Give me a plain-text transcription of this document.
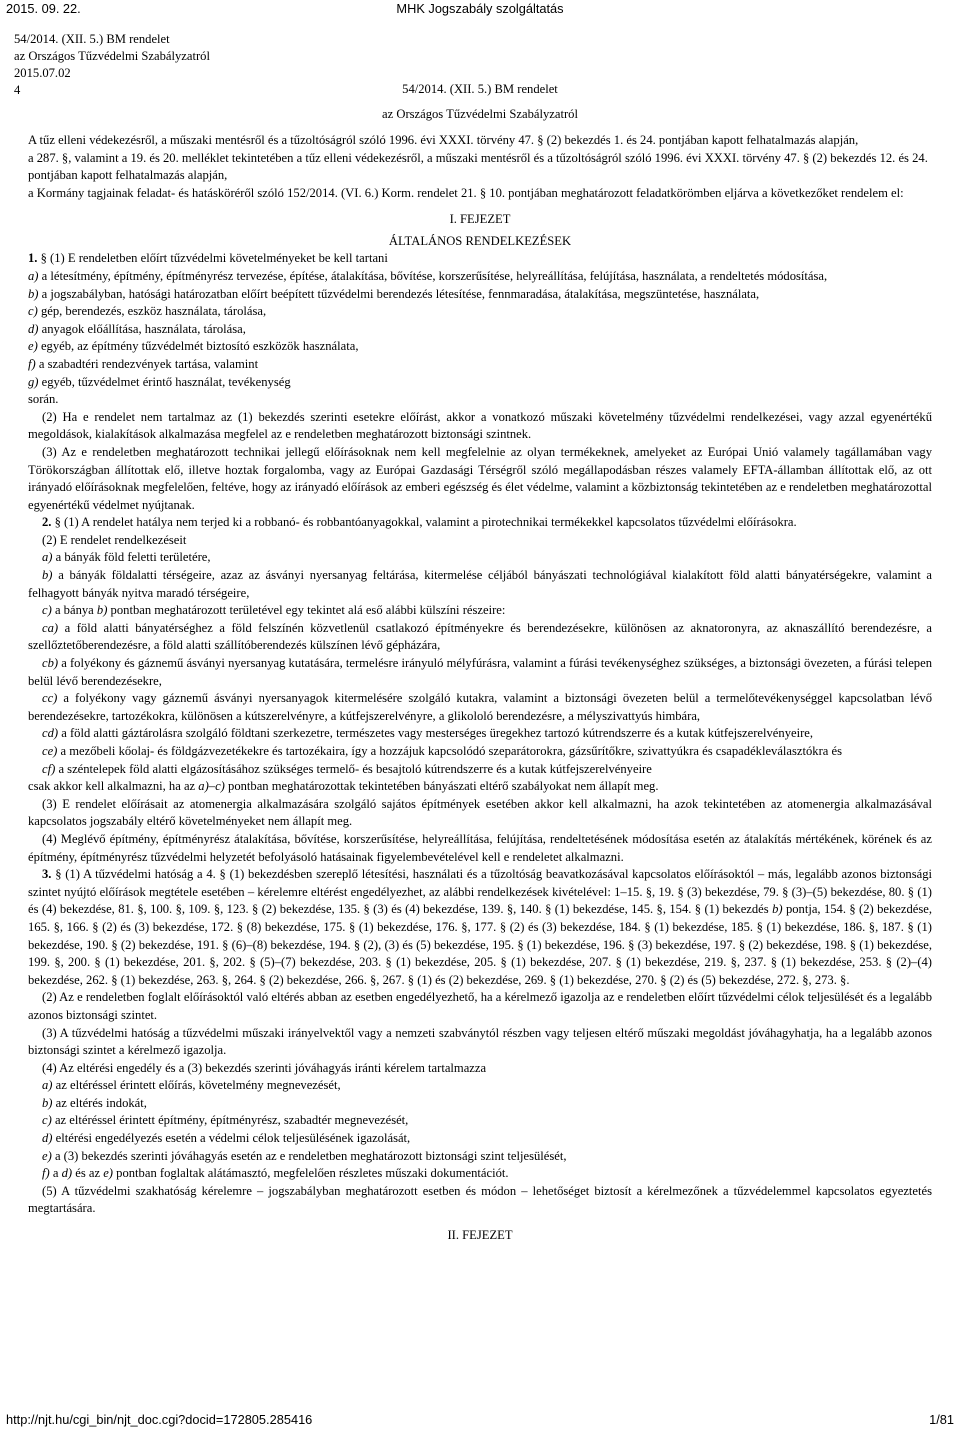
2015. 09. 22.	MHK Jogszabály szolgáltatás
54/2014. (XII. 5.) BM rendelet
az Országos Tűzvédelmi Szabályzatról
2015.07.02
4	54/2014. (XII. 5.) BM rendelet
az Országos Tűzvédelmi Szabályzatról

A tűz elleni védekezésről, a műszaki mentésről és a tűzoltóságról szóló 1996. évi XXXI. törvény 47. § (2) bekezdés 1. és 24. pontjában kapott felhatalmazás alapján,

a 287. §, valamint a 19. és 20. melléklet tekintetében a tűz elleni védekezésről, a műszaki mentésről és a tűzoltóságról szóló 1996. évi XXXI. törvény 47. § (2) bekezdés 12. és 24. pontjában kapott felhatalmazás alapján,

a Kormány tagjainak feladat- és hatásköréről szóló 152/2014. (VI. 6.) Korm. rendelet 21. § 10. pontjában meghatározott feladatkörömben eljárva a következőket rendelem el:

I. FEJEZET
ÁLTALÁNOS RENDELKEZÉSEK

1. § (1) E rendeletben előírt tűzvédelmi követelményeket be kell tartani

a) a létesítmény, építmény, építményrész tervezése, építése, átalakítása, bővítése, korszerűsítése, helyreállítása, felújítása, használata, a rendeltetés módosítása,

b) a jogszabályban, hatósági határozatban előírt beépített tűzvédelmi berendezés létesítése, fennmaradása, átalakítása, megszüntetése, használata,

c) gép, berendezés, eszköz használata, tárolása,

d) anyagok előállítása, használata, tárolása,

e) egyéb, az építmény tűzvédelmét biztosító eszközök használata,

f) a szabadtéri rendezvények tartása, valamint

g) egyéb, tűzvédelmet érintő használat, tevékenység

során.

(2) Ha e rendelet nem tartalmaz az (1) bekezdés szerinti esetekre előírást, akkor a vonatkozó műszaki követelmény tűzvédelmi rendelkezései, vagy azzal egyenértékű megoldások, kialakítások alkalmazása megfelel az e rendeletben meghatározott biztonsági szintnek.

(3) Az e rendeletben meghatározott technikai jellegű előírásoknak nem kell megfelelnie az olyan termékeknek, amelyeket az Európai Unió valamely tagállamában vagy Törökországban állítottak elő, illetve hoztak forgalomba, vagy az Európai Gazdasági Térségről szóló megállapodásban részes valamely EFTA-államban állítottak elő, az ott irányadó előírásoknak megfelelően, feltéve, hogy az irányadó előírások az emberi egészség és élet védelme, valamint a közbiztonság tekintetében az e rendeletben meghatározottal egyenértékű védelmet nyújtanak.

2. § (1) A rendelet hatálya nem terjed ki a robbanó- és robbantóanyagokkal, valamint a pirotechnikai termékekkel kapcsolatos tűzvédelmi előírásokra.

(2) E rendelet rendelkezéseit

a) a bányák föld feletti területére,

b) a bányák földalatti térségeire, azaz az ásványi nyersanyag feltárása, kitermelése céljából bányászati technológiával kialakított föld alatti bányatérségekre, valamint a felhagyott bányák nyitva maradó térségeire,

c) a bánya b) pontban meghatározott területével egy tekintet alá eső alábbi külszíni részeire:

ca) a föld alatti bányatérséghez a föld felszínén közvetlenül csatlakozó építményekre és berendezésekre, különösen az aknatoronyra, az aknaszállító berendezésre, a szellőztetőberendezésre, a föld alatti szállítóberendezés külszínen lévő gépházára,

cb) a folyékony és gáznemű ásványi nyersanyag kutatására, termelésre irányuló mélyfúrásra, valamint a fúrási tevékenységhez szükséges, a biztonsági övezeten, a fúrási telepen belül lévő berendezésekre,

cc) a folyékony vagy gáznemű ásványi nyersanyagok kitermelésére szolgáló kutakra, valamint a biztonsági övezeten belül a termelőtevékenységgel kapcsolatban lévő berendezésekre, tartozékokra, különösen a kútszerelvényre, a kútfejszerelvényre, a glikololó berendezésre, a mélyszivattyús himbára,

cd) a föld alatti gáztárolásra szolgáló földtani szerkezetre, természetes vagy mesterséges üregekhez tartozó kútrendszerre és a kutak kútfejszerelvényeire,

ce) a mezőbeli kőolaj- és földgázvezetékekre és tartozékaira, így a hozzájuk kapcsolódó szeparátorokra, gázsűrítőkre, szivattyúkra és csapadékleválasztókra és

cf) a széntelepek föld alatti elgázosításához szükséges termelő- és besajtoló kútrendszerre és a kutak kútfejszerelvényeire

csak akkor kell alkalmazni, ha az a)–c) pontban meghatározottak tekintetében bányászati eltérő szabályokat nem állapít meg.

(3) E rendelet előírásait az atomenergia alkalmazására szolgáló sajátos építmények esetében akkor kell alkalmazni, ha azok tekintetében az atomenergia alkalmazásával kapcsolatos jogszabály eltérő követelményeket nem állapít meg.

(4) Meglévő építmény, építményrész átalakítása, bővítése, korszerűsítése, helyreállítása, felújítása, rendeltetésének módosítása esetén az átalakítás mértékének, körének és az építmény, építményrész tűzvédelmi helyzetét befolyásoló hatásainak figyelembevételével kell e rendeletet alkalmazni.

3. § (1) A tűzvédelmi hatóság a 4. § (1) bekezdésben szereplő létesítési, használati és a tűzoltóság beavatkozásával kapcsolatos előírásoktól – más, legalább azonos biztonsági szintet nyújtó előírások megtétele esetében – kérelemre eltérést engedélyezhet, az alábbi rendelkezések kivételével: 1–15. §, 19. § (3) bekezdése, 79. § (3)–(5) bekezdése, 80. § (1) és (4) bekezdése, 81. §, 100. §, 109. §, 123. § (2) bekezdése, 135. § (3) és (4) bekezdése, 139. §, 140. § (1) bekezdése, 145. §, 154. § (1) bekezdés b) pontja, 154. § (2) bekezdése, 165. §, 166. § (2) és (3) bekezdése, 172. § (8) bekezdése, 175. § (1) bekezdése, 176. §, 177. § (2) és (3) bekezdése, 184. § (1) bekezdése, 185. § (1) bekezdése, 186. §, 187. § (1) bekezdése, 190. § (2) bekezdése, 191. § (6)–(8) bekezdése, 194. § (2), (3) és (5) bekezdése, 195. § (1) bekezdése, 196. § (3) bekezdése, 197. § (2) bekezdése, 198. § (1) bekezdése, 199. §, 200. § (1) bekezdése, 201. §, 202. § (5)–(7) bekezdése, 203. § (1) bekezdése, 205. § (1) bekezdése, 207. § (1) bekezdése, 219. §, 237. § (1) bekezdése, 253. § (2)–(4) bekezdése, 262. § (1) bekezdése, 263. §, 264. § (2) bekezdése, 266. §, 267. § (1) és (2) bekezdése, 269. § (1) bekezdése, 270. § (2) és (5) bekezdése, 272. §, 273. §.

(2) Az e rendeletben foglalt előírásoktól való eltérés abban az esetben engedélyezhető, ha a kérelmező igazolja az e rendeletben előírt tűzvédelmi célok teljesülését és a legalább azonos biztonsági szintet.

(3) A tűzvédelmi hatóság a tűzvédelmi műszaki irányelvektől vagy a nemzeti szabványtól részben vagy teljesen eltérő műszaki megoldást jóváhagyhatja, ha a legalább azonos biztonsági szintet a kérelmező igazolja.

(4) Az eltérési engedély és a (3) bekezdés szerinti jóváhagyás iránti kérelem tartalmazza

a) az eltéréssel érintett előírás, követelmény megnevezését,

b) az eltérés indokát,

c) az eltéréssel érintett építmény, építményrész, szabadtér megnevezését,

d) eltérési engedélyezés esetén a védelmi célok teljesülésének igazolását,

e) a (3) bekezdés szerinti jóváhagyás esetén az e rendeletben meghatározott biztonsági szint teljesülését,

f) a d) és az e) pontban foglaltak alátámasztó, megfelelően részletes műszaki dokumentációt.

(5) A tűzvédelmi szakhatóság kérelemre – jogszabályban meghatározott esetben és módon – lehetőséget biztosít a kérelmezőnek a tűzvédelemmel kapcsolatos egyeztetés megtartására.

II. FEJEZET
http://njt.hu/cgi_bin/njt_doc.cgi?docid=172805.285416	1/81
